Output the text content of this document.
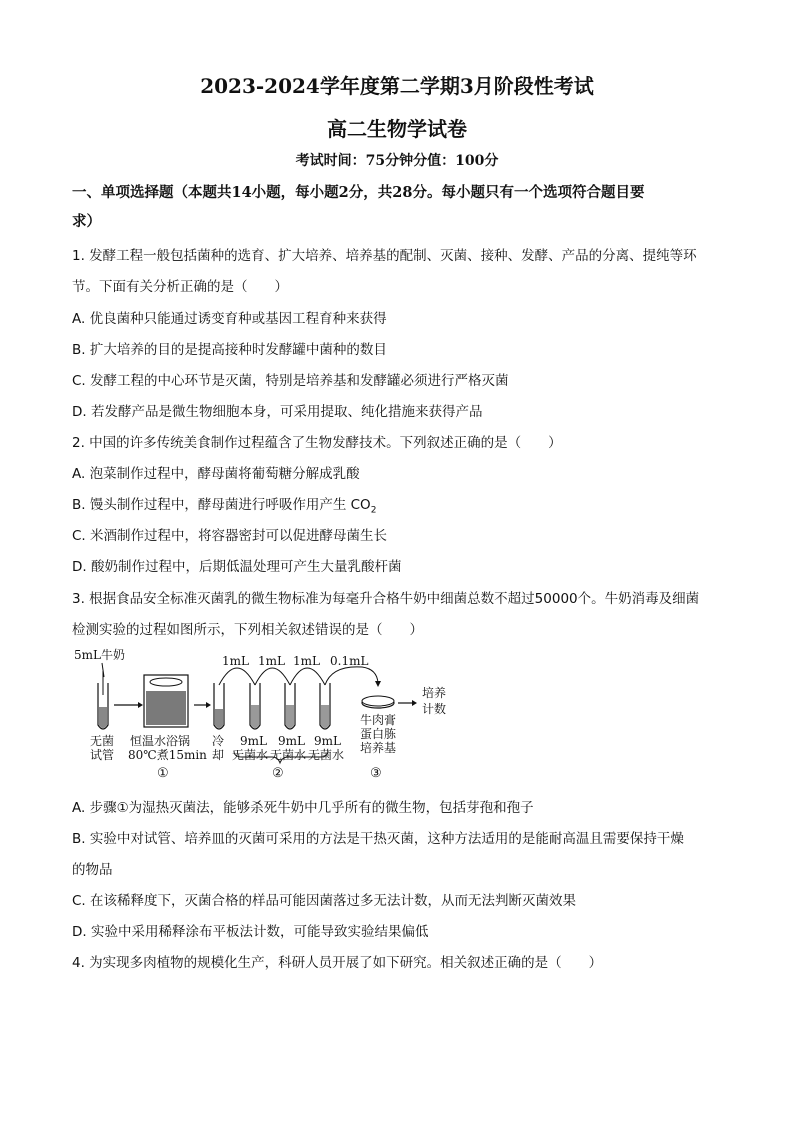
2023-2024学年度第二学期3月阶段性考试
高二生物学试卷
考试时间：75分钟分值：100分
一、单项选择题（本题共14小题，每小题2分，共28分。每小题只有一个选项符合题目要
求）
1. 发酵工程一般包括菌种的选育、扩大培养、培养基的配制、灭菌、接种、发酵、产品的分离、提纯等环
节。下面有关分析正确的是（　　）
A. 优良菌种只能通过诱变育种或基因工程育种来获得
B. 扩大培养的目的是提高接种时发酵罐中菌种的数目
C. 发酵工程的中心环节是灭菌，特别是培养基和发酵罐必须进行严格灭菌
D. 若发酵产品是微生物细胞本身，可采用提取、纯化措施来获得产品
2. 中国的许多传统美食制作过程蕴含了生物发酵技术。下列叙述正确的是（　　）
A. 泡菜制作过程中，酵母菌将葡萄糖分解成乳酸
B. 馒头制作过程中，酵母菌进行呼吸作用产生 $CO_2$
C. 米酒制作过程中，将容器密封可以促进酵母菌生长
D. 酸奶制作过程中，后期低温处理可产生大量乳酸杆菌
3. 根据食品安全标准灭菌乳的微生物标准为每毫升合格牛奶中细菌总数不超过50000个。牛奶消毒及细菌
检测实验的过程如图所示，下列相关叙述错误的是（　　）
5mL牛奶	1mL 1mL 1mL 0.1mL
培养
计数
牛肉膏
蛋白胨
培养基
无菌
试管
恒温水浴锅
80℃煮15min
冷
却
9mL 9mL 9mL
无菌水 无菌水 无菌水
①	②	③
A. 步骤①为湿热灭菌法，能够杀死牛奶中几乎所有的微生物，包括芽孢和孢子
B. 实验中对试管、培养皿的灭菌可采用的方法是干热灭菌，这种方法适用的是能耐高温且需要保持干燥
的物品
C. 在该稀释度下，灭菌合格的样品可能因菌落过多无法计数，从而无法判断灭菌效果
D. 实验中采用稀释涂布平板法计数，可能导致实验结果偏低
4. 为实现多肉植物的规模化生产，科研人员开展了如下研究。相关叙述正确的是（　　）
